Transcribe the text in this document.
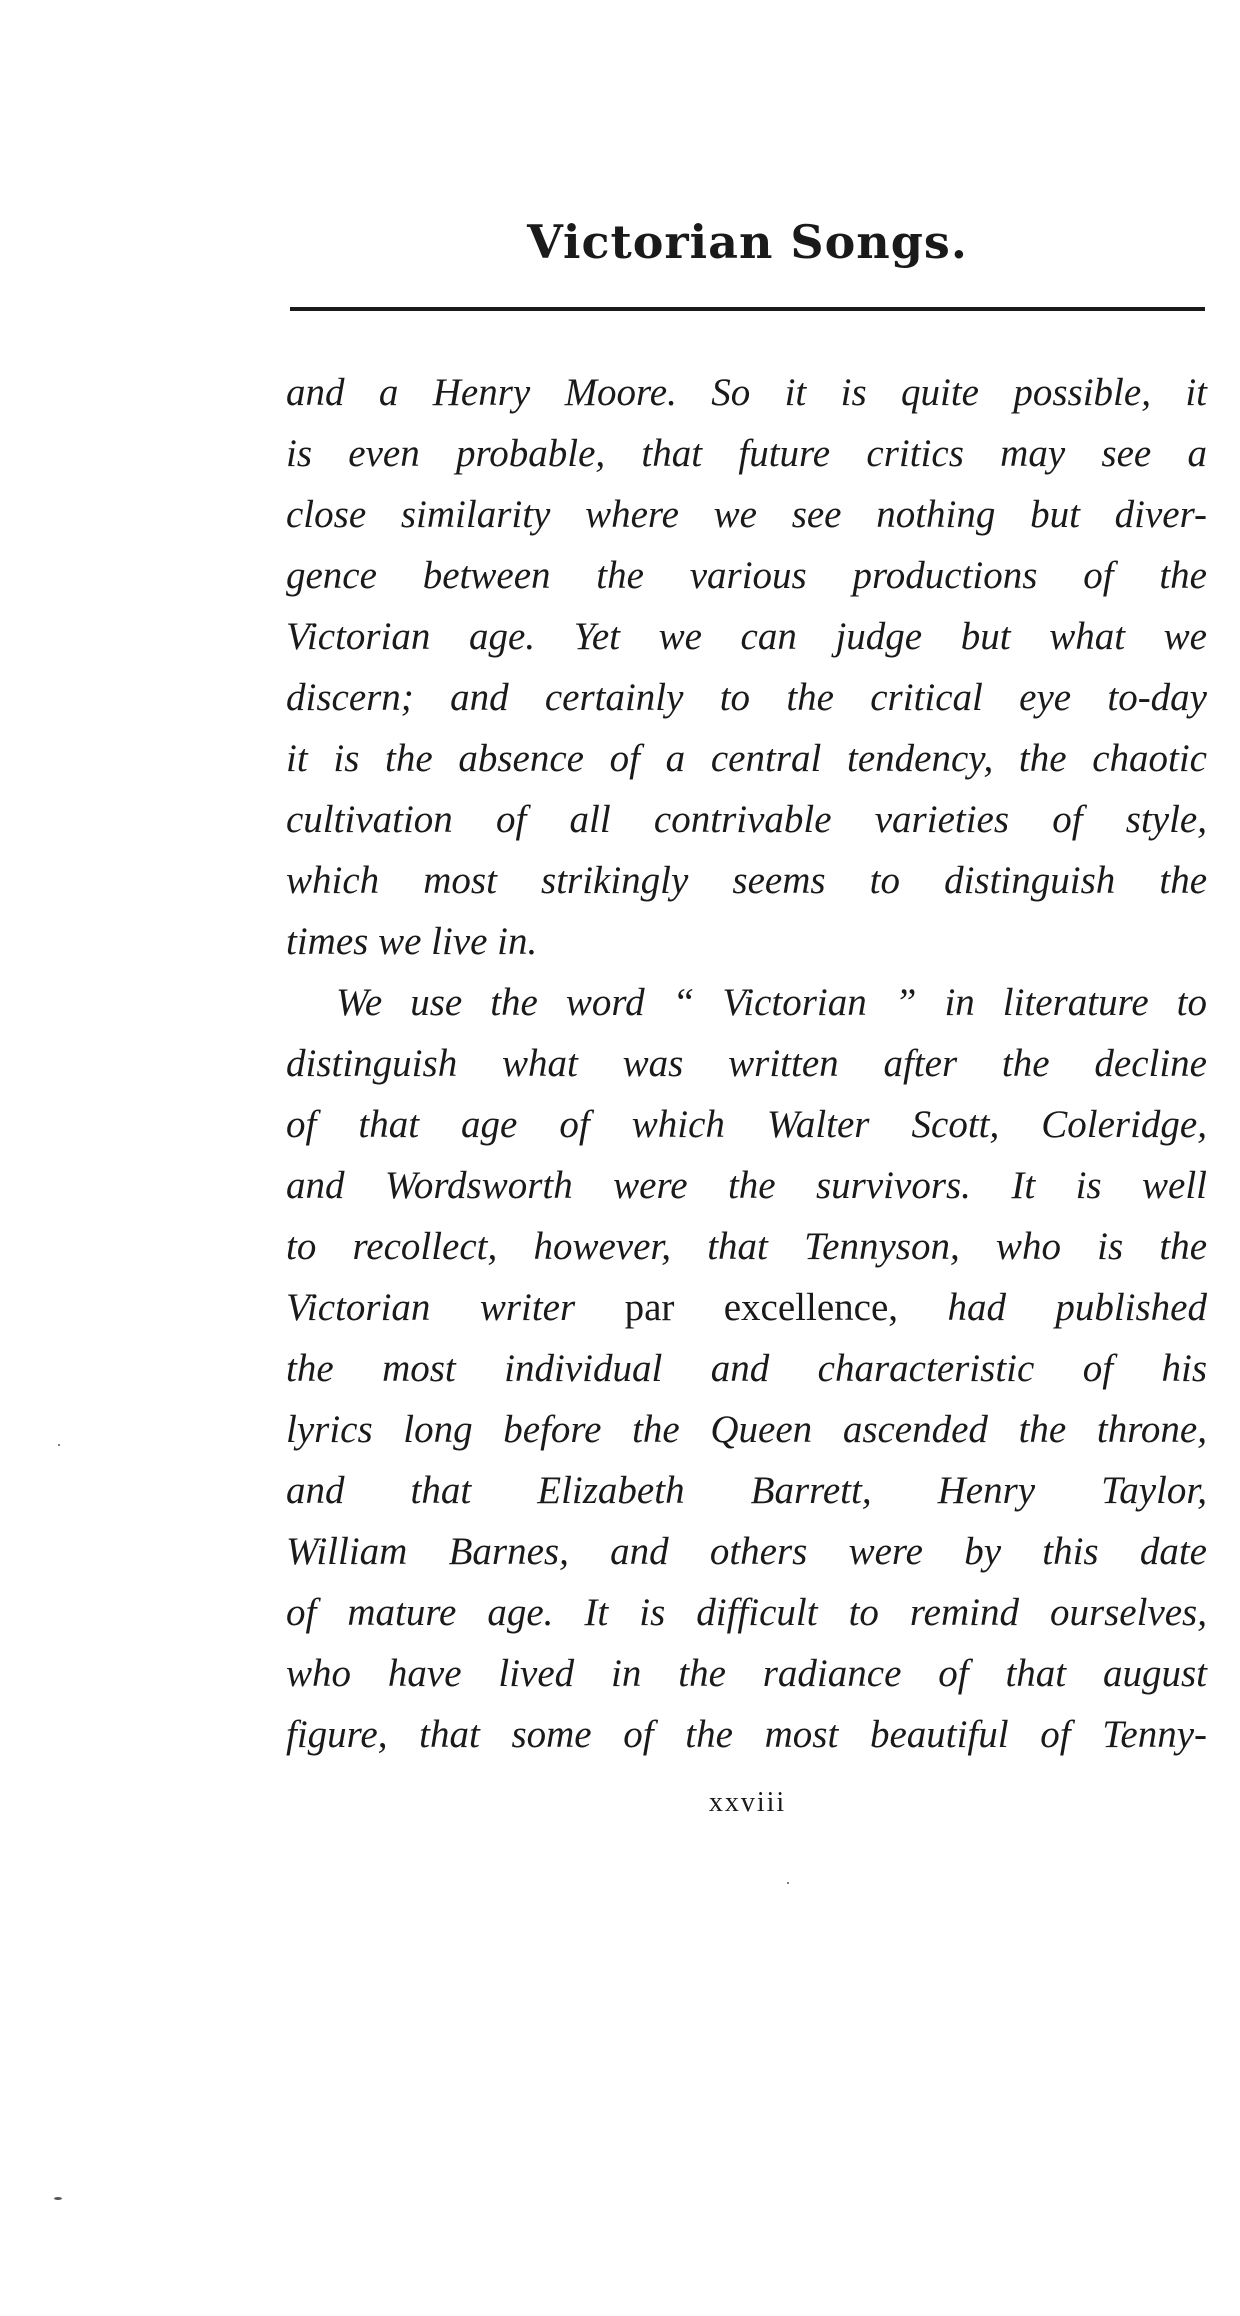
Victorian Songs.
and a Henry Moore. So it is quite possible, it
is even probable, that future critics may see a
close similarity where we see nothing but diver-
gence between the various productions of the
Victorian age. Yet we can judge but what we
discern; and certainly to the critical eye to-day
it is the absence of a central tendency, the chaotic
cultivation of all contrivable varieties of style,
which most strikingly seems to distinguish the
times we live in.
We use the word “ Victorian ” in literature to
distinguish what was written after the decline
of that age of which Walter Scott, Coleridge,
and Wordsworth were the survivors. It is well
to recollect, however, that Tennyson, who is the
Victorian writer par excellence, had published
the most individual and characteristic of his
lyrics long before the Queen ascended the throne,
and that Elizabeth Barrett, Henry Taylor,
William Barnes, and others were by this date
of mature age. It is difficult to remind ourselves,
who have lived in the radiance of that august
figure, that some of the most beautiful of Tenny-
xxviii
